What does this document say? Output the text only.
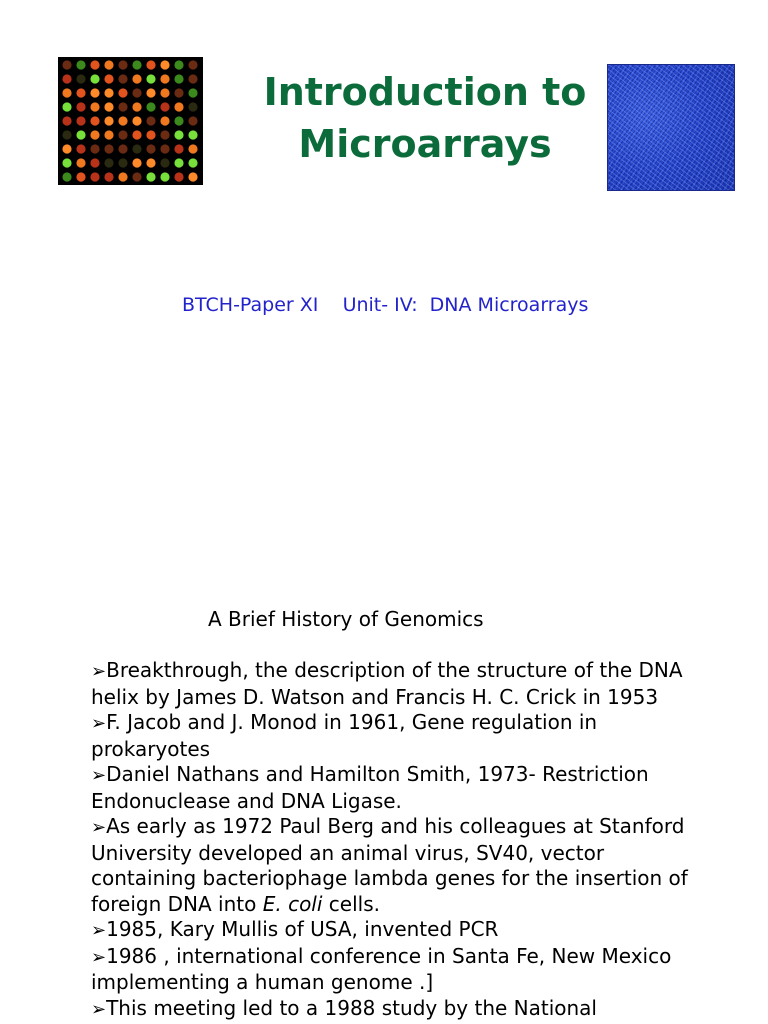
Introduction to
Microarrays
BTCH-Paper XI    Unit- IV:  DNA Microarrays
A Brief History of Genomics
➢Breakthrough, the description of the structure of the DNA helix by James D. Watson and Francis H. C. Crick in 1953
➢F. Jacob and J. Monod in 1961, Gene regulation in prokaryotes
➢Daniel Nathans and Hamilton Smith, 1973- Restriction Endonuclease and DNA Ligase.
➢As early as 1972 Paul Berg and his colleagues at Stanford University developed an animal virus, SV40, vector containing bacteriophage lambda genes for the insertion of foreign DNA into E. coli cells.
➢1985, Kary Mullis of USA, invented PCR
➢1986 , international conference in Santa Fe, New Mexico implementing a human genome .]
➢This meeting led to a 1988 study by the National
